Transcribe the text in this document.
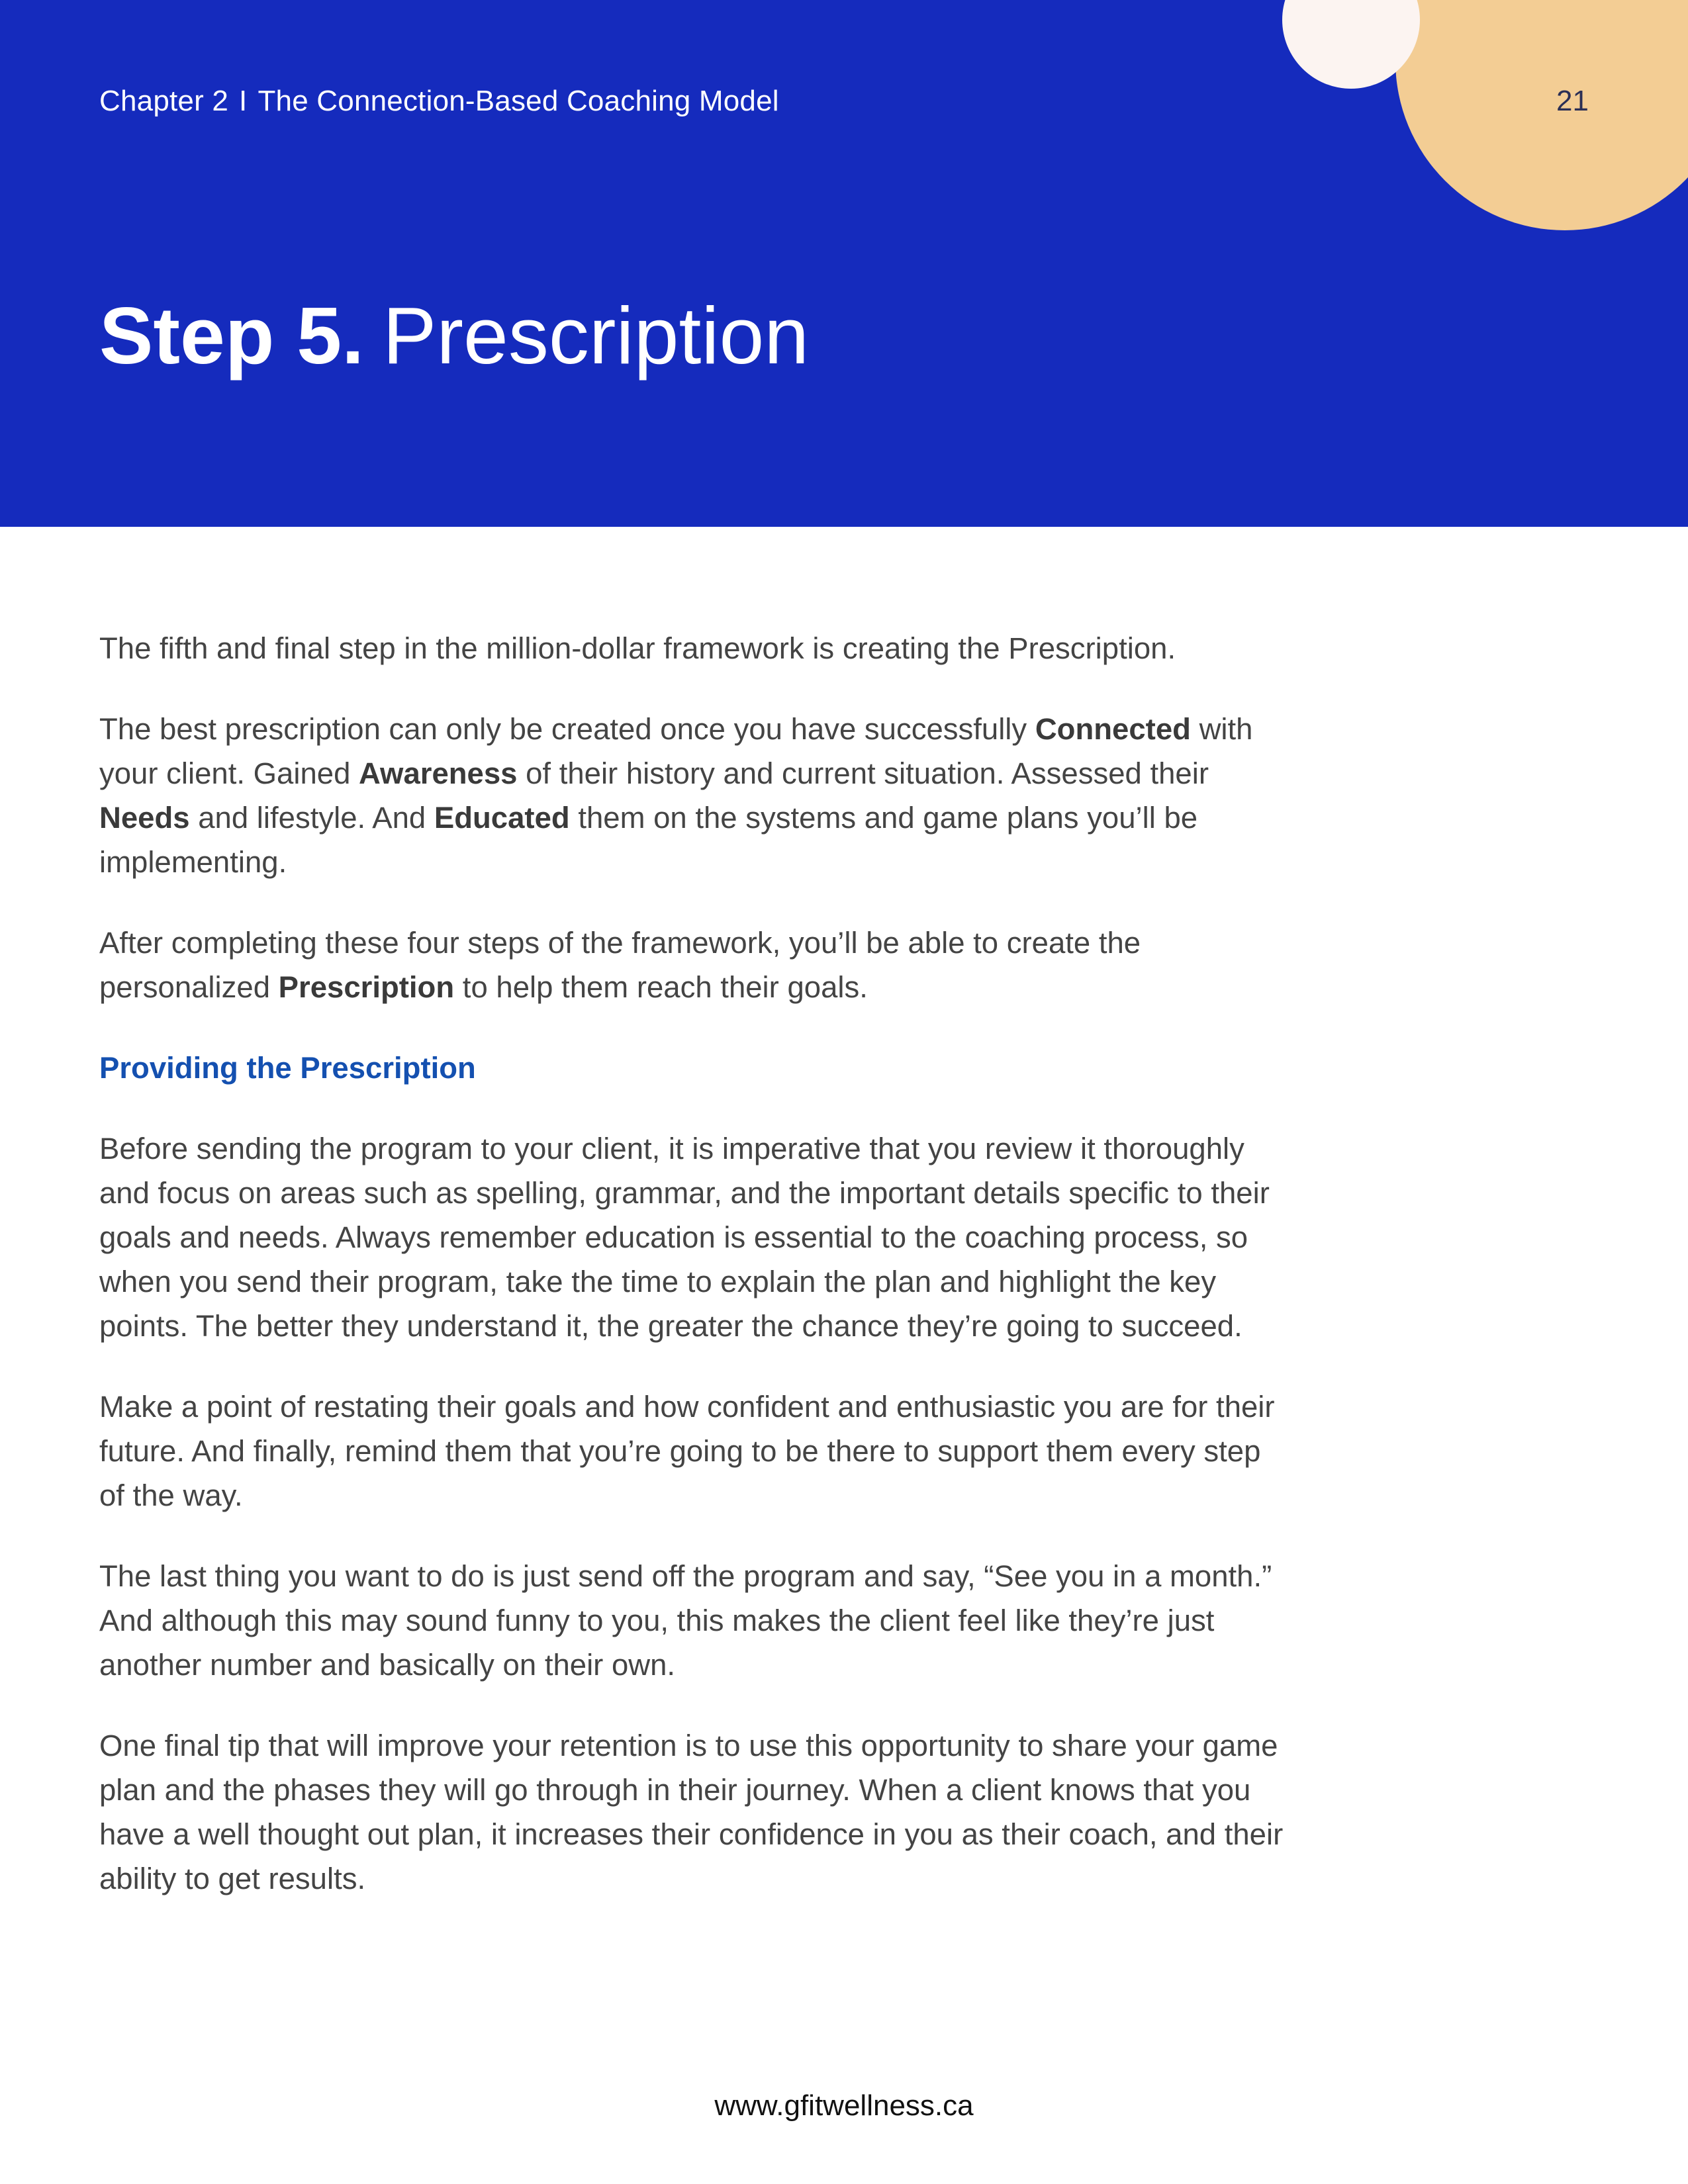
Chapter 2 I The Connection-Based Coaching Model	21
Step 5. Prescription

The fifth and final step in the million-dollar framework is creating the Prescription.

The best prescription can only be created once you have successfully Connected with your client. Gained Awareness of their history and current situation. Assessed their Needs and lifestyle. And Educated them on the systems and game plans you’ll be implementing.

After completing these four steps of the framework, you’ll be able to create the personalized Prescription to help them reach their goals.

Providing the Prescription

Before sending the program to your client, it is imperative that you review it thoroughly and focus on areas such as spelling, grammar, and the important details specific to their goals and needs. Always remember education is essential to the coaching process, so when you send their program, take the time to explain the plan and highlight the key points. The better they understand it, the greater the chance they’re going to succeed.

Make a point of restating their goals and how confident and enthusiastic you are for their future. And finally, remind them that you’re going to be there to support them every step of the way.

The last thing you want to do is just send off the program and say, “See you in a month.” And although this may sound funny to you, this makes the client feel like they’re just another number and basically on their own.

One final tip that will improve your retention is to use this opportunity to share your game plan and the phases they will go through in their journey. When a client knows that you have a well thought out plan, it increases their confidence in you as their coach, and their ability to get results.

www.gfitwellness.ca
